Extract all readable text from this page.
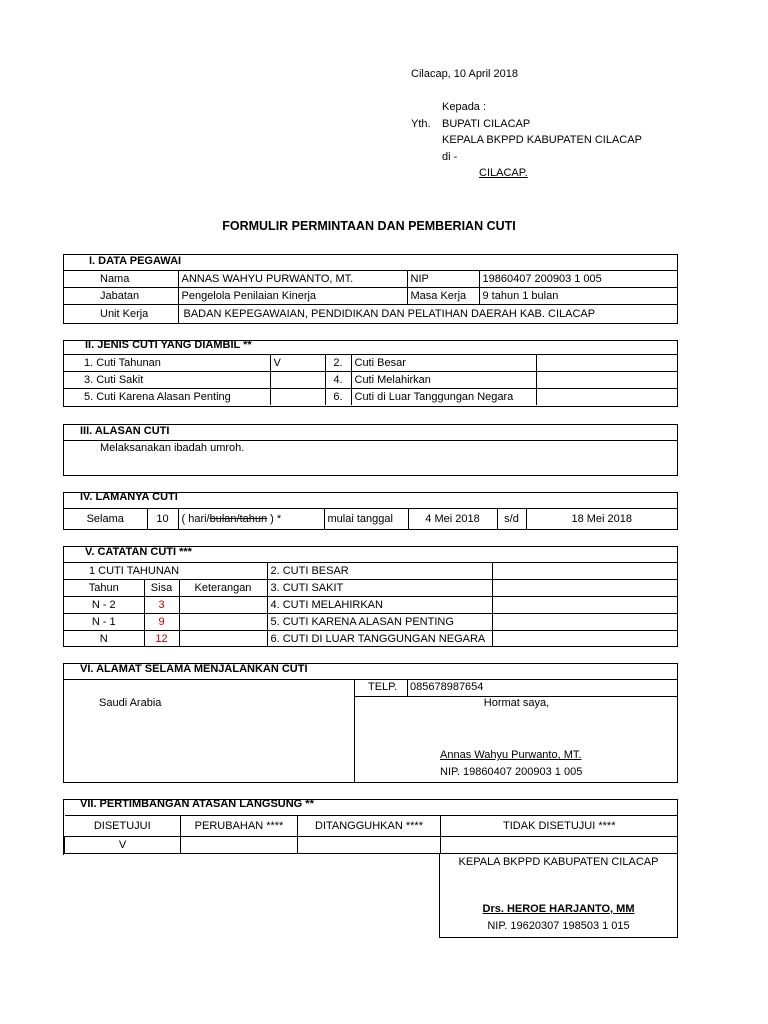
Cilacap, 10 April 2018
Kepada :
Yth. BUPATI CILACAP
KEPALA BKPPD KABUPATEN CILACAP
di -
CILACAP.
FORMULIR PERMINTAAN DAN PEMBERIAN CUTI
I. DATA PEGAWAI
Nama	ANNAS WAHYU PURWANTO, MT.	NIP	19860407 200903 1 005
Jabatan	Pengelola Penilaian Kinerja	Masa Kerja	9 tahun 1 bulan
Unit Kerja	BADAN KEPEGAWAIAN, PENDIDIKAN DAN PELATIHAN DAERAH KAB. CILACAP		
II. JENIS CUTI YANG DIAMBIL **
1. Cuti Tahunan	V	2.	Cuti Besar	
3. Cuti Sakit		4.	Cuti Melahirkan	
5. Cuti Karena Alasan Penting		6.	Cuti di Luar Tanggungan Negara	
III. ALASAN CUTI
Melaksanakan ibadah umroh.
IV. LAMANYA CUTI
Selama	10	( hari/bulan/tahun ) *	mulai tanggal	4 Mei 2018	s/d	18 Mei 2018
V. CATATAN CUTI ***
1 CUTI TAHUNAN			2. CUTI BESAR	
Tahun	Sisa	Keterangan	3. CUTI SAKIT	
N - 2	3		4. CUTI MELAHIRKAN	
N - 1	9		5. CUTI KARENA ALASAN PENTING	
N	12		6. CUTI DI LUAR TANGGUNGAN NEGARA	
VI. ALAMAT SELAMA MENJALANKAN CUTI
Saudi Arabia
TELP. 085678987654
Hormat saya,
Annas Wahyu Purwanto, MT.
NIP. 19860407 200903 1 005
VII. PERTIMBANGAN ATASAN LANGSUNG **
DISETUJUI	PERUBAHAN ****	DITANGGUHKAN ****	TIDAK DISETUJUI ****
V			
KEPALA BKPPD KABUPATEN CILACAP
Drs. HEROE HARJANTO, MM
NIP. 19620307 198503 1 015
